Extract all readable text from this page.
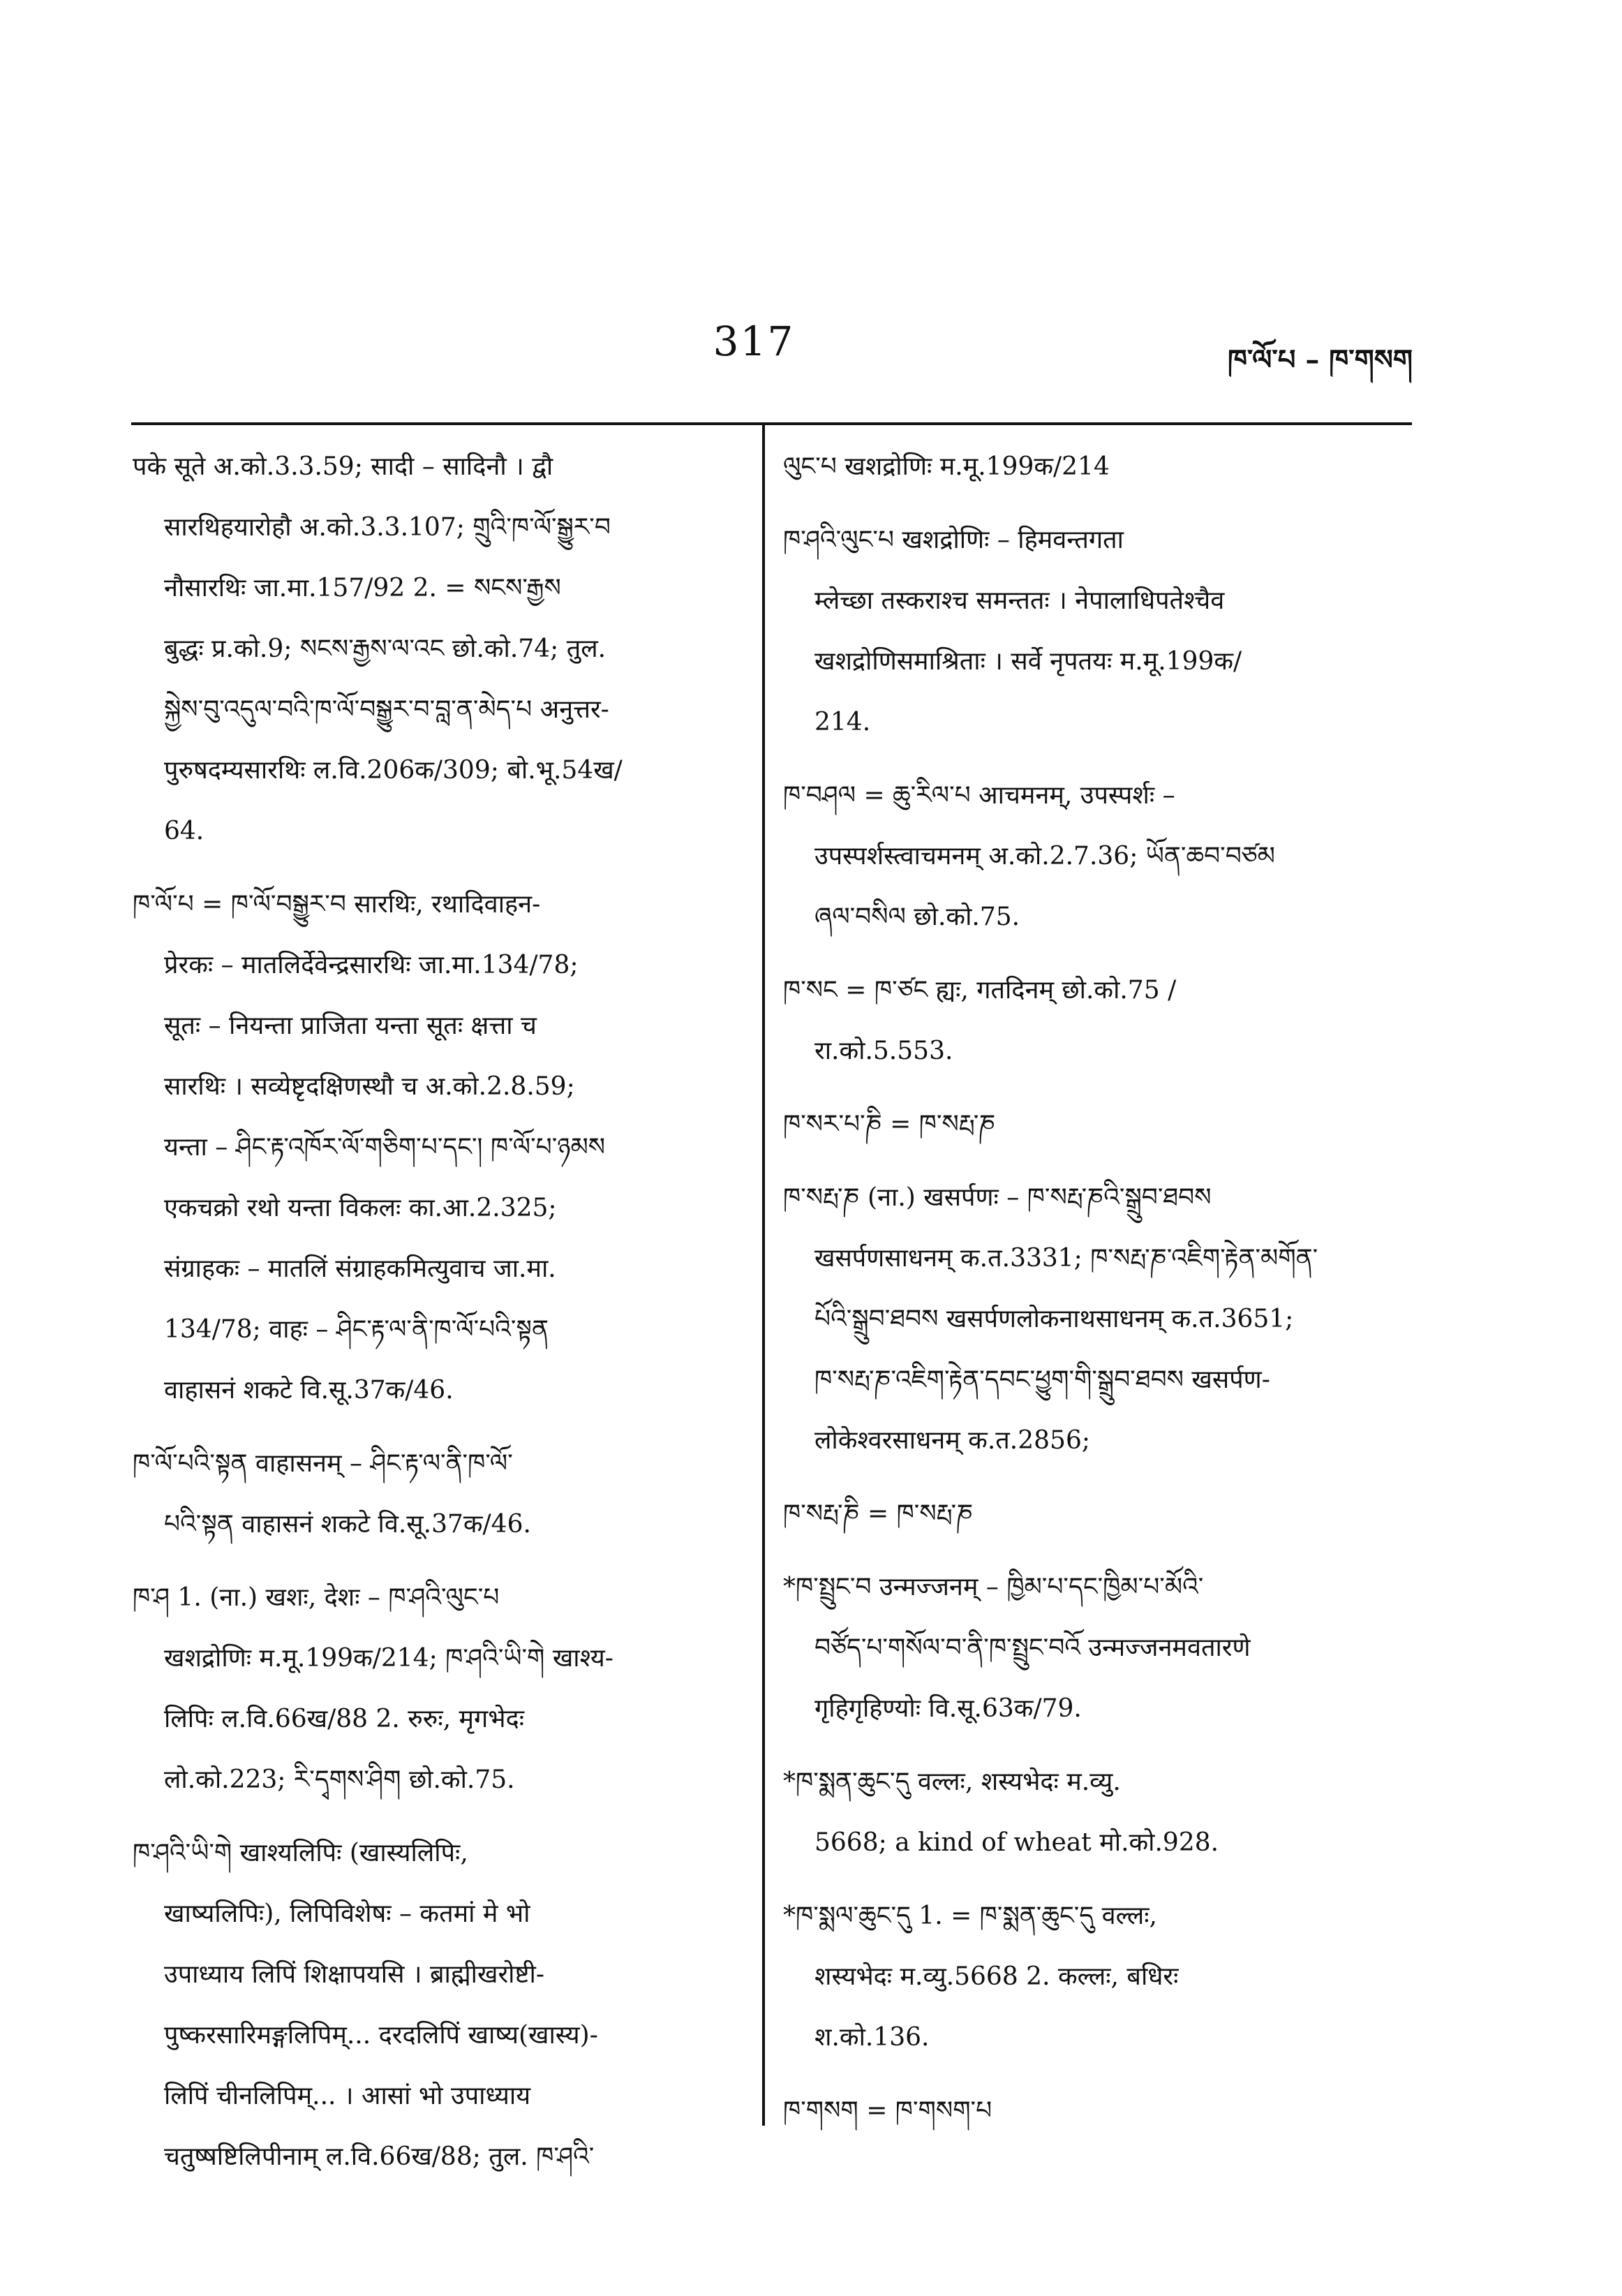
317	ཁ་ལོ་པ – ཁ་གསག
पके सूते अ.को.3.3.59; सादी – सादिनौ । द्वौ
सारथिहयारोहौ अ.को.3.3.107; གྲུའི་ཁ་ལོ་སྒྱུར་བ
नौसारथिः जा.मा.157/92 2. = སངས་རྒྱས
बुद्धः प्र.को.9; སངས་རྒྱས་ལ་འང छो.को.74; तुल.
སྐྱེས་བུ་འདུལ་བའི་ཁ་ལོ་བསྒྱུར་བ་བླ་ན་མེད་པ अनुत्तर-
पुरुषदम्यसारथिः ल.वि.206क/309; बो.भू.54ख/
64.
ཁ་ལོ་པ = ཁ་ལོ་བསྒྱུར་བ सारथिः, रथादिवाहन-
प्रेरकः – मातलिर्देवेन्द्रसारथिः जा.मा.134/78;
सूतः – नियन्ता प्राजिता यन्ता सूतः क्षत्ता च
सारथिः । सव्येष्टृदक्षिणस्थौ च अ.को.2.8.59;
यन्ता – ཤིང་རྟ་འཁོར་ལོ་གཅིག་པ་དང་། ཁ་ལོ་པ་ཉམས
एकचक्रो रथो यन्ता विकलः का.आ.2.325;
संग्राहकः – मातलिं संग्राहकमित्युवाच जा.मा.
134/78; वाहः – ཤིང་རྟ་ལ་ནི་ཁ་ལོ་པའི་སྟན
वाहासनं शकटे वि.सू.37क/46.
ཁ་ལོ་པའི་སྟན वाहासनम् – ཤིང་རྟ་ལ་ནི་ཁ་ལོ་
པའི་སྟན वाहासनं शकटे वि.सू.37क/46.
ཁ་ཤ 1. (ना.) खशः, देशः – ཁ་ཤའི་ལུང་པ
खशद्रोणिः म.मू.199क/214; ཁ་ཤའི་ཡི་གེ खाश्य-
लिपिः ल.वि.66ख/88 2. रुरुः, मृगभेदः
लो.को.223; རི་དྭགས་ཤིག छो.को.75.
ཁ་ཤའི་ཡི་གེ खाश्यलिपिः (खास्यलिपिः,
खाष्यलिपिः), लिपिविशेषः – कतमां मे भो
उपाध्याय लिपिं शिक्षापयसि । ब्राह्मीखरोष्टी-
पुष्करसारिमङ्गलिपिम्... दरदलिपिं खाष्य(खास्य)-
लिपिं चीनलिपिम्... । आसां भो उपाध्याय
चतुष्षष्टिलिपीनाम् ल.वि.66ख/88; तुल. ཁ་ཤའི་
ལུང་པ खशद्रोणिः म.मू.199क/214
ཁ་ཤའི་ལུང་པ खशद्रोणिः – हिमवन्तगता
म्लेच्छा तस्कराश्च समन्ततः । नेपालाधिपतेश्चैव
खशद्रोणिसमाश्रिताः । सर्वे नृपतयः म.मू.199क/
214.
ཁ་བཤལ = ཆུ་རིལ་པ आचमनम्, उपस्पर्शः –
उपस्पर्शस्त्वाचमनम् अ.को.2.7.36; ཡོན་ཆབ་བཙམ
ཞལ་བསིལ छो.को.75.
ཁ་སང = ཁ་ཙང ह्यः, गतदिनम् छो.को.75 /
रा.को.5.553.
ཁ་སར་པ་ཎི = ཁ་སརྤ་ཎ
ཁ་སརྤ་ཎ (ना.) खसर्पणः – ཁ་སརྤ་ཎའི་སྒྲུབ་ཐབས
खसर्पणसाधनम् क.त.3331; ཁ་སརྤ་ཎ་འཇིག་རྟེན་མགོན་
པོའི་སྒྲུབ་ཐབས खसर्पणलोकनाथसाधनम् क.त.3651;
ཁ་སརྤ་ཎ་འཇིག་རྟེན་དབང་ཕྱུག་གི་སྒྲུབ་ཐབས खसर्पण-
लोकेश्वरसाधनम् क.त.2856;
ཁ་སརྤ་ཎི = ཁ་སརྤ་ཎ
*ཁ་སྤྲུང་བ उन्मज्जनम् – ཁྱིམ་པ་དང་ཁྱིམ་པ་མོའི་
བཙོད་པ་གསོལ་བ་ནི་ཁ་སྤྲུང་བའོ उन्मज्जनमवतारणे
गृहिगृहिण्योः वि.सू.63क/79.
*ཁ་སྨན་ཆུང་དུ वल्लः, शस्यभेदः म.व्यु.
5668; a kind of wheat मो.को.928.
*ཁ་སྨལ་ཆུང་དུ 1. = ཁ་སྨན་ཆུང་དུ वल्लः,
शस्यभेदः म.व्यु.5668 2. कल्लः, बधिरः
श.को.136.
ཁ་གསག = ཁ་གསག་པ
